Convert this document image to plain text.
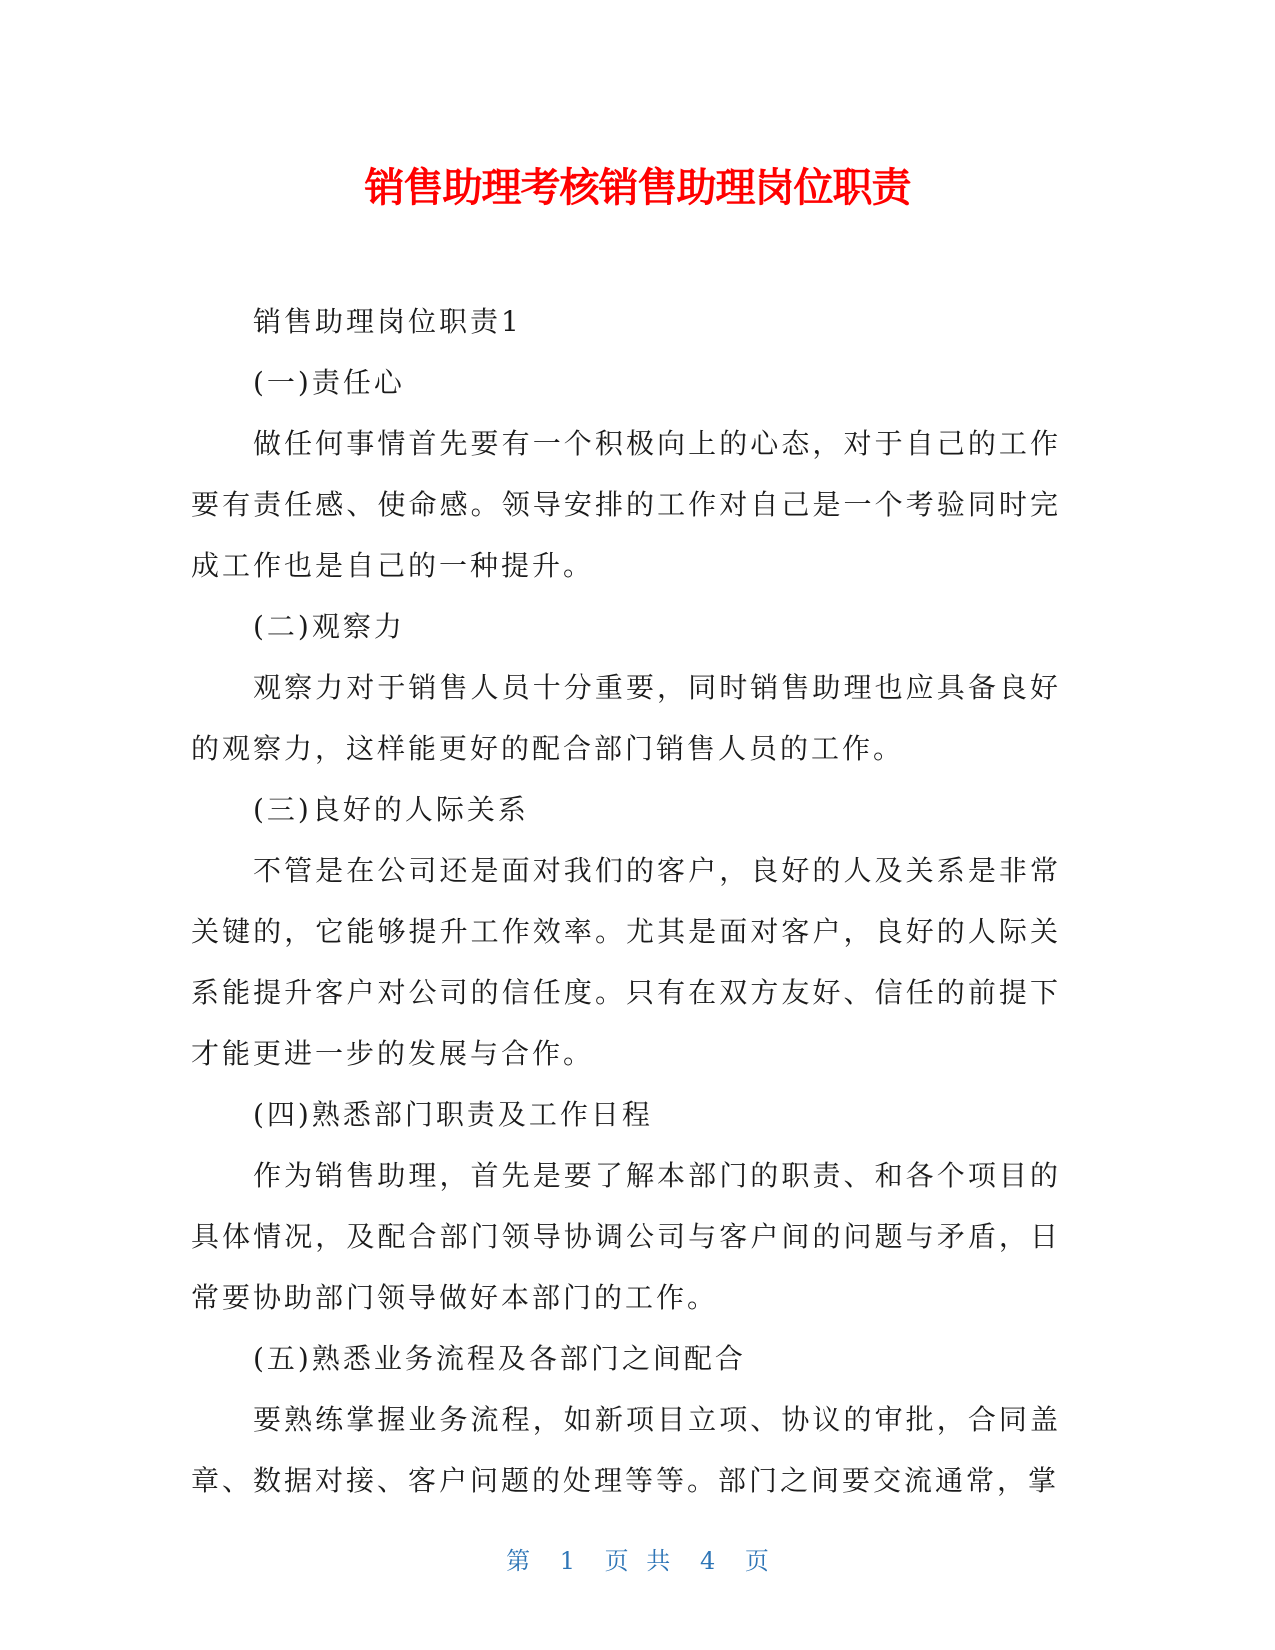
销售助理考核销售助理岗位职责

销售助理岗位职责1

(一)责任心

做任何事情首先要有一个积极向上的心态，对于自己的工作要有责任感、使命感。领导安排的工作对自己是一个考验同时完成工作也是自己的一种提升。

(二)观察力

观察力对于销售人员十分重要，同时销售助理也应具备良好的观察力，这样能更好的配合部门销售人员的工作。

(三)良好的人际关系

不管是在公司还是面对我们的客户，良好的人及关系是非常关键的，它能够提升工作效率。尤其是面对客户，良好的人际关系能提升客户对公司的信任度。只有在双方友好、信任的前提下才能更进一步的发展与合作。

(四)熟悉部门职责及工作日程

作为销售助理，首先是要了解本部门的职责、和各个项目的具体情况，及配合部门领导协调公司与客户间的问题与矛盾，日常要协助部门领导做好本部门的工作。

(五)熟悉业务流程及各部门之间配合

要熟练掌握业务流程，如新项目立项、协议的审批，合同盖章、数据对接、客户问题的处理等等。部门之间要交流通常，掌

第 1 页 共 4 页
